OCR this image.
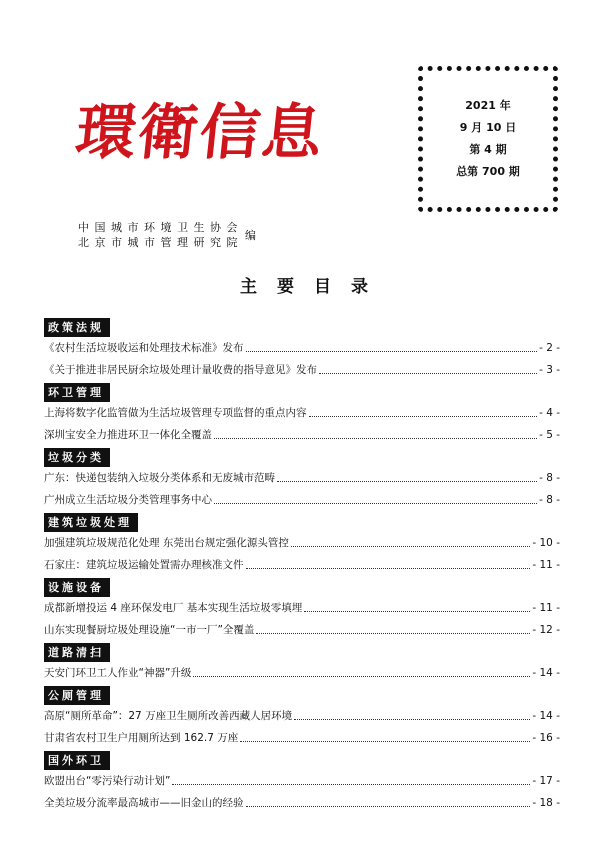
環衛信息	2021 年
9 月 10 日
第 4 期
总第 700 期
中国城市环境卫生协会
北京市城市管理研究院
编
主要目录
政策法规
《农村生活垃圾收运和处理技术标准》发布	- 2 -
《关于推进非居民厨余垃圾处理计量收费的指导意见》发布	- 3 -
环卫管理
上海将数字化监管做为生活垃圾管理专项监督的重点内容	- 4 -
深圳宝安全力推进环卫一体化全覆盖	- 5 -
垃圾分类
广东：快递包装纳入垃圾分类体系和无废城市范畴	- 8 -
广州成立生活垃圾分类管理事务中心	- 8 -
建筑垃圾处理
加强建筑垃圾规范化处理 东莞出台规定强化源头管控	- 10 -
石家庄：建筑垃圾运输处置需办理核准文件	- 11 -
设施设备
成都新增投运 4 座环保发电厂 基本实现生活垃圾零填埋	- 11 -
山东实现餐厨垃圾处理设施“一市一厂”全覆盖	- 12 -
道路清扫
天安门环卫工人作业“神器”升级	- 14 -
公厕管理
高原“厕所革命”：27 万座卫生厕所改善西藏人居环境	- 14 -
甘肃省农村卫生户用厕所达到 162.7 万座	- 16 -
国外环卫
欧盟出台“零污染行动计划”	- 17 -
全美垃圾分流率最高城市——旧金山的经验	- 18 -
